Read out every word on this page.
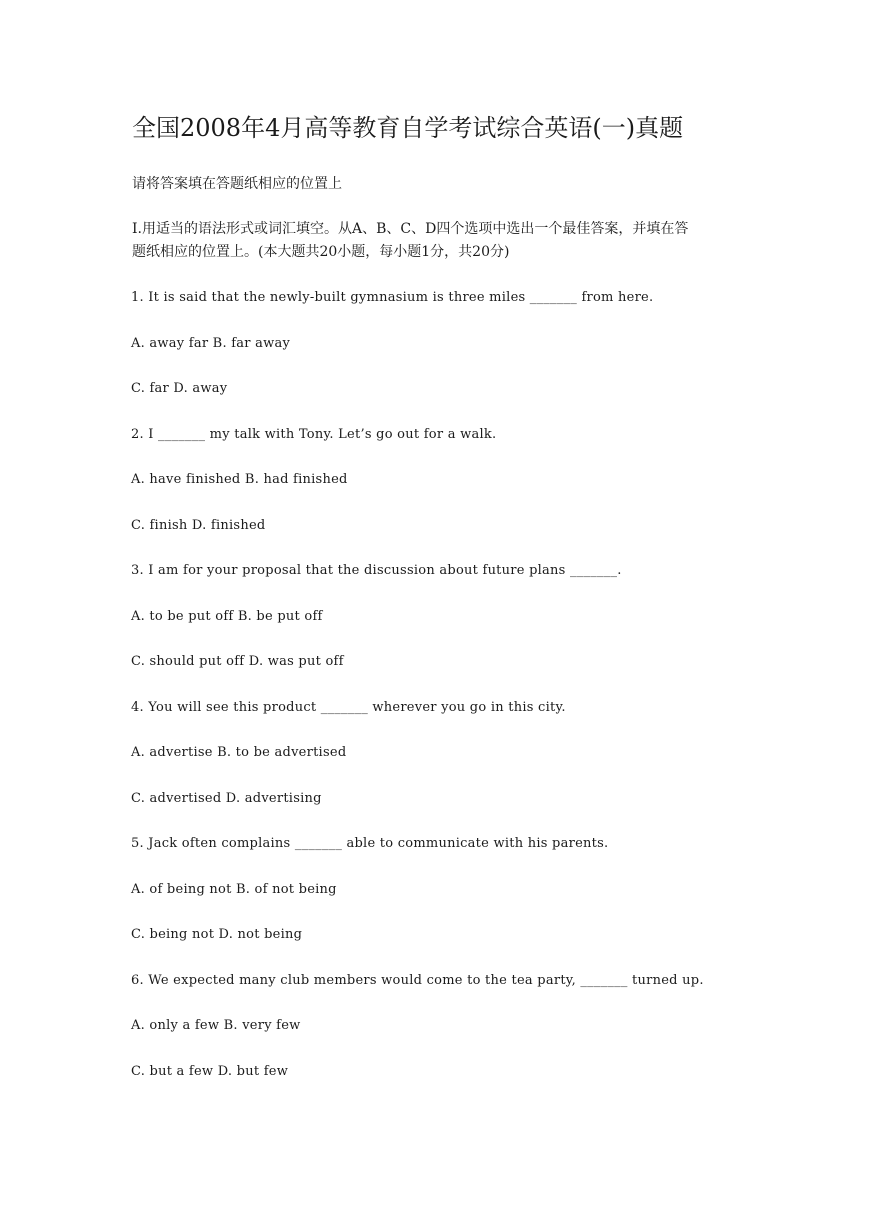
全国2008年4月高等教育自学考试综合英语(一)真题
请将答案填在答题纸相应的位置上
I.用适当的语法形式或词汇填空。从A、B、C、D四个选项中选出一个最佳答案，并填在答
题纸相应的位置上。(本大题共20小题，每小题1分，共20分)
1. It is said that the newly-built gymnasium is three miles _______ from here.
A. away far B. far away
C. far D. away
2. I _______ my talk with Tony. Let’s go out for a walk.
A. have finished B. had finished
C. finish D. finished
3. I am for your proposal that the discussion about future plans _______.
A. to be put off B. be put off
C. should put off D. was put off
4. You will see this product _______ wherever you go in this city.
A. advertise B. to be advertised
C. advertised D. advertising
5. Jack often complains _______ able to communicate with his parents.
A. of being not B. of not being
C. being not D. not being
6. We expected many club members would come to the tea party, _______ turned up.
A. only a few B. very few
C. but a few D. but few
